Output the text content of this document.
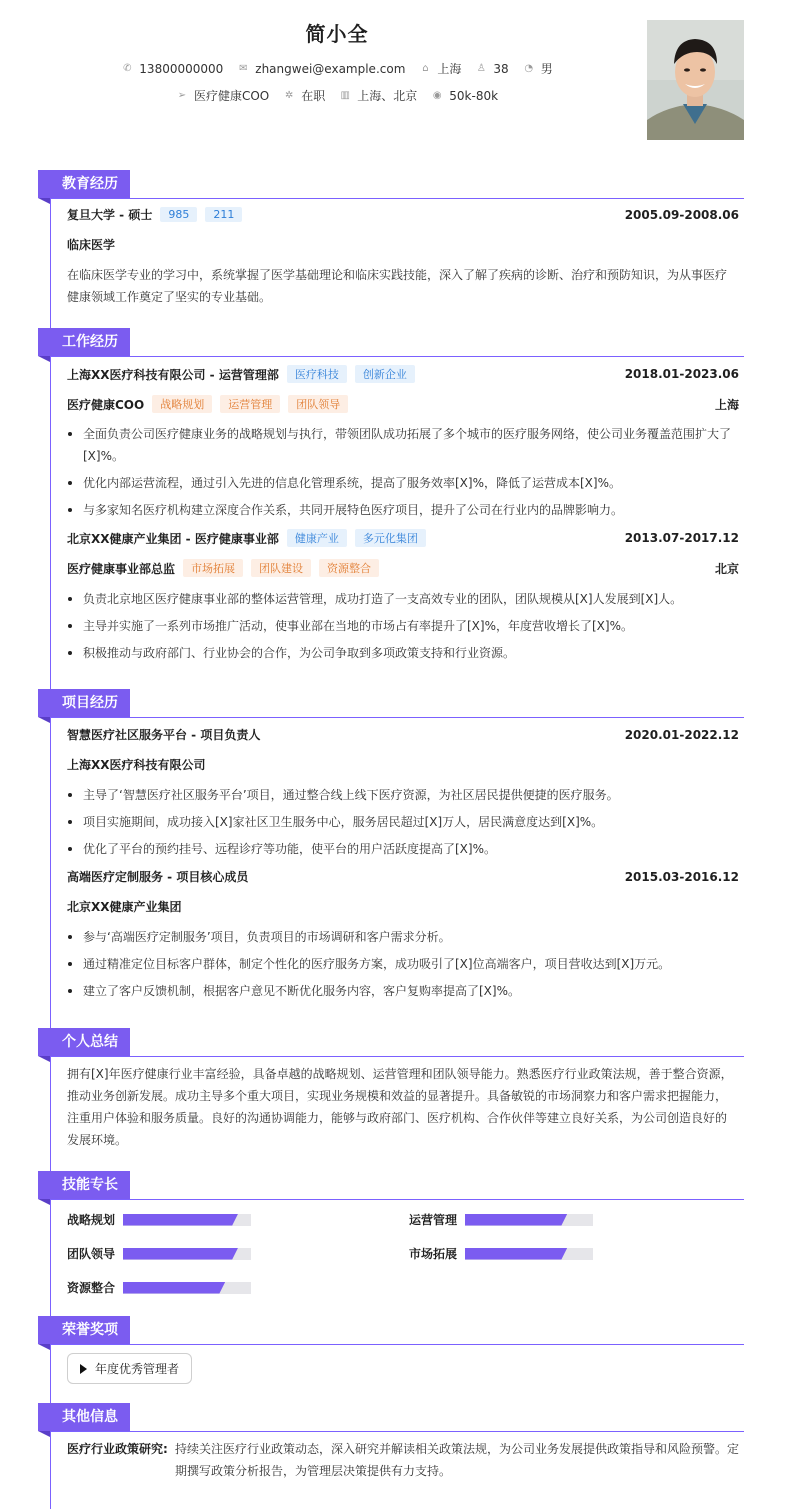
简小全
✆ 13800000000 ✉ zhangwei@example.com ⌂ 上海 ♙ 38 ◔ 男
➢ 医疗健康COO ✲ 在职 ▥ 上海、北京 ◉ 50k-80k
教育经历
复旦大学 - 硕士	985	211	2005.09-2008.06
临床医学
在临床医学专业的学习中，系统掌握了医学基础理论和临床实践技能，深入了解了疾病的诊断、治疗和预防知识，为从事医疗健康领域工作奠定了坚实的专业基础。
工作经历
上海XX医疗科技有限公司 - 运营管理部	医疗科技	创新企业	2018.01-2023.06
医疗健康COO	战略规划	运营管理	团队领导	上海
全面负责公司医疗健康业务的战略规划与执行，带领团队成功拓展了多个城市的医疗服务网络，使公司业务覆盖范围扩大了[X]%。
优化内部运营流程，通过引入先进的信息化管理系统，提高了服务效率[X]%，降低了运营成本[X]%。
与多家知名医疗机构建立深度合作关系，共同开展特色医疗项目，提升了公司在行业内的品牌影响力。
北京XX健康产业集团 - 医疗健康事业部	健康产业	多元化集团	2013.07-2017.12
医疗健康事业部总监	市场拓展	团队建设	资源整合	北京
负责北京地区医疗健康事业部的整体运营管理，成功打造了一支高效专业的团队，团队规模从[X]人发展到[X]人。
主导并实施了一系列市场推广活动，使事业部在当地的市场占有率提升了[X]%，年度营收增长了[X]%。
积极推动与政府部门、行业协会的合作，为公司争取到多项政策支持和行业资源。
项目经历
智慧医疗社区服务平台 - 项目负责人	2020.01-2022.12
上海XX医疗科技有限公司
主导了‘智慧医疗社区服务平台’项目，通过整合线上线下医疗资源，为社区居民提供便捷的医疗服务。
项目实施期间，成功接入[X]家社区卫生服务中心，服务居民超过[X]万人，居民满意度达到[X]%。
优化了平台的预约挂号、远程诊疗等功能，使平台的用户活跃度提高了[X]%。
高端医疗定制服务 - 项目核心成员	2015.03-2016.12
北京XX健康产业集团
参与‘高端医疗定制服务’项目，负责项目的市场调研和客户需求分析。
通过精准定位目标客户群体，制定个性化的医疗服务方案，成功吸引了[X]位高端客户，项目营收达到[X]万元。
建立了客户反馈机制，根据客户意见不断优化服务内容，客户复购率提高了[X]%。
个人总结
拥有[X]年医疗健康行业丰富经验，具备卓越的战略规划、运营管理和团队领导能力。熟悉医疗行业政策法规，善于整合资源，推动业务创新发展。成功主导多个重大项目，实现业务规模和效益的显著提升。具备敏锐的市场洞察力和客户需求把握能力，注重用户体验和服务质量。良好的沟通协调能力，能够与政府部门、医疗机构、合作伙伴等建立良好关系，为公司创造良好的发展环境。
技能专长
战略规划	运营管理
团队领导	市场拓展
资源整合
荣誉奖项
年度优秀管理者
其他信息
医疗行业政策研究: 持续关注医疗行业政策动态，深入研究并解读相关政策法规，为公司业务发展提供政策指导和风险预警。定期撰写政策分析报告，为管理层决策提供有力支持。
